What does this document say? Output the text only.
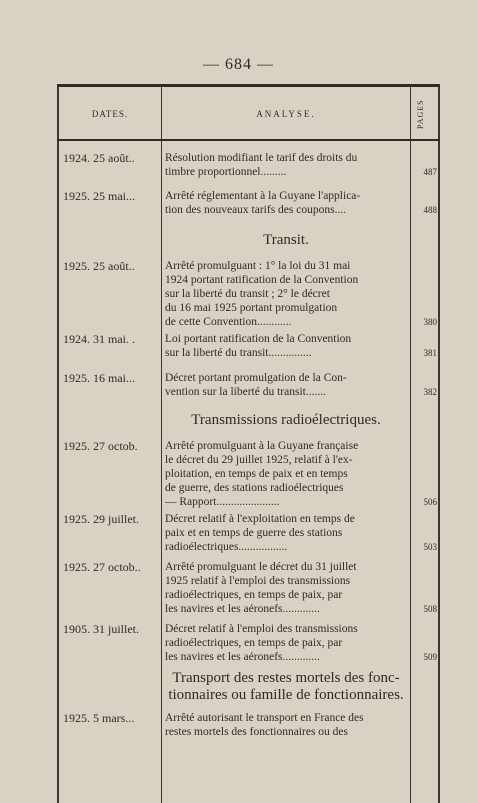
— 684 —
DATES.	ANALYSE.	PAGES
1924. 25 août..	Résolution modifiant le tarif des droits du
timbre proportionnel.........	487
1925. 25 mai...	Arrêté réglementant à la Guyane l'applica-
tion des nouveaux tarifs des coupons....	488
Transit.
1925. 25 août..	Arrêté promulguant : 1° la loi du 31 mai
1924 portant ratification de la Convention
sur la liberté du transit ; 2° le décret
du 16 mai 1925 portant promulgation
de cette Convention............	380
1924. 31 mai. .	Loi portant ratification de la Convention
sur la liberté du transit...............	381
1925. 16 mai...	Décret portant promulgation de la Con-
vention sur la liberté du transit.......	382
Transmissions radioélectriques.
1925. 27 octob.	Arrêté promulguant à la Guyane française
le décret du 29 juillet 1925, relatif à l'ex-
ploitation, en temps de paix et en temps
de guerre, des stations radioélectriques
— Rapport......................	506
1925. 29 juillet.	Décret relatif à l'exploitation en temps de
paix et en temps de guerre des stations
radioélectriques.................	503
1925. 27 octob..	Arrêté promulguant le décret du 31 juillet
1925 relatif à l'emploi des transmissions
radioélectriques, en temps de paix, par
les navires et les aéronefs.............	508
1905. 31 juillet.	Décret relatif à l'emploi des transmissions
radioélectriques, en temps de paix, par
les navires et les aéronefs.............	509
Transport des restes mortels des fonc-
tionnaires ou famille de fonctionnaires.
1925. 5 mars...	Arrêté autorisant le transport en France des
restes mortels des fonctionnaires ou des
